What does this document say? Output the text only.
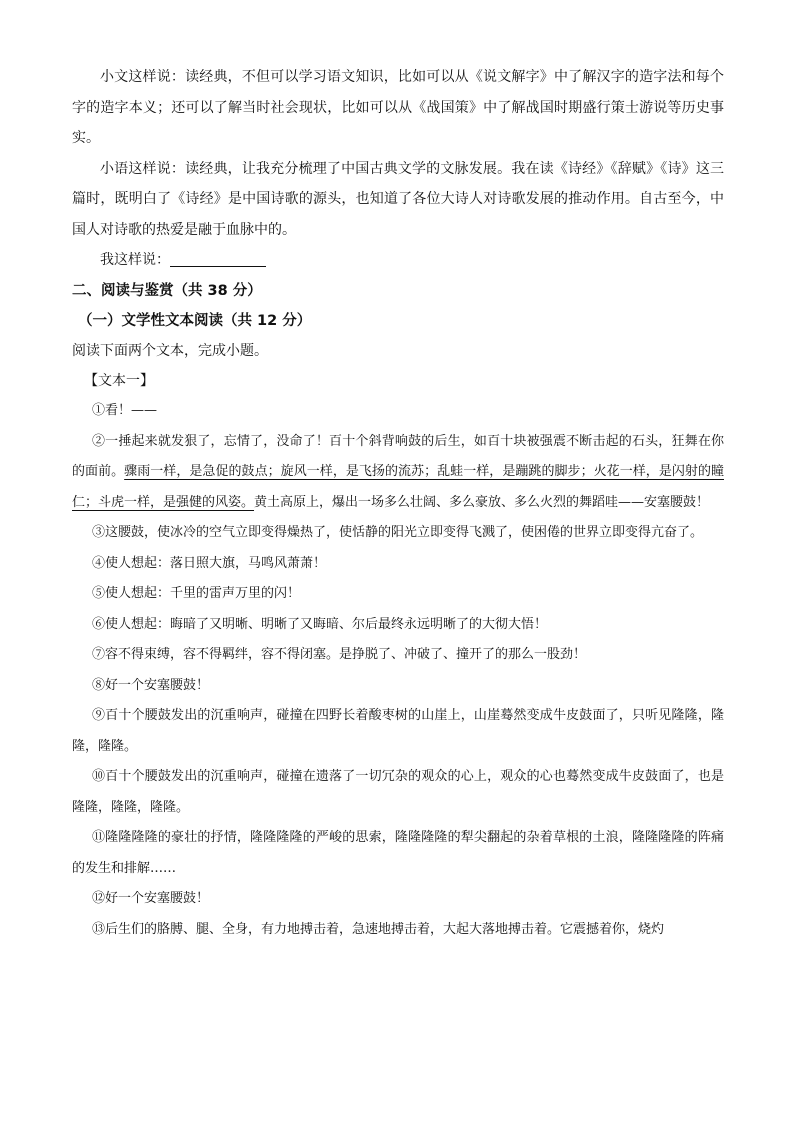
小文这样说：读经典，不但可以学习语文知识，比如可以从《说文解字》中了解汉字的造字法和每个字的造字本义；还可以了解当时社会现状，比如可以从《战国策》中了解战国时期盛行策士游说等历史事实。

小语这样说：读经典，让我充分梳理了中国古典文学的文脉发展。我在读《诗经》《辞赋》《诗》这三篇时，既明白了《诗经》是中国诗歌的源头，也知道了各位大诗人对诗歌发展的推动作用。自古至今，中国人对诗歌的热爱是融于血脉中的。

我这样说：

二、阅读与鉴赏（共 38 分）

（一）文学性文本阅读（共 12 分）

阅读下面两个文本，完成小题。

【文本一】

①看！——

②一捶起来就发狠了，忘情了，没命了！百十个斜背响鼓的后生，如百十块被强震不断击起的石头，狂舞在你的面前。骤雨一样，是急促的鼓点；旋风一样，是飞扬的流苏；乱蛙一样，是蹦跳的脚步；火花一样，是闪射的瞳仁；斗虎一样，是强健的风姿。黄土高原上，爆出一场多么壮阔、多么豪放、多么火烈的舞蹈哇——安塞腰鼓！

③这腰鼓，使冰冷的空气立即变得燥热了，使恬静的阳光立即变得飞溅了，使困倦的世界立即变得亢奋了。

④使人想起：落日照大旗，马鸣风萧萧！

⑤使人想起：千里的雷声万里的闪！

⑥使人想起：晦暗了又明晰、明晰了又晦暗、尔后最终永远明晰了的大彻大悟！

⑦容不得束缚，容不得羁绊，容不得闭塞。是挣脱了、冲破了、撞开了的那么一股劲！

⑧好一个安塞腰鼓！

⑨百十个腰鼓发出的沉重响声，碰撞在四野长着酸枣树的山崖上，山崖蓦然变成牛皮鼓面了，只听见隆隆，隆隆，隆隆。

⑩百十个腰鼓发出的沉重响声，碰撞在遗落了一切冗杂的观众的心上，观众的心也蓦然变成牛皮鼓面了，也是隆隆，隆隆，隆隆。

⑪隆隆隆隆的豪壮的抒情，隆隆隆隆的严峻的思索，隆隆隆隆的犁尖翻起的杂着草根的土浪，隆隆隆隆的阵痛的发生和排解……

⑫好一个安塞腰鼓！

⑬后生们的胳膊、腿、全身，有力地搏击着，急速地搏击着，大起大落地搏击着。它震撼着你，烧灼
